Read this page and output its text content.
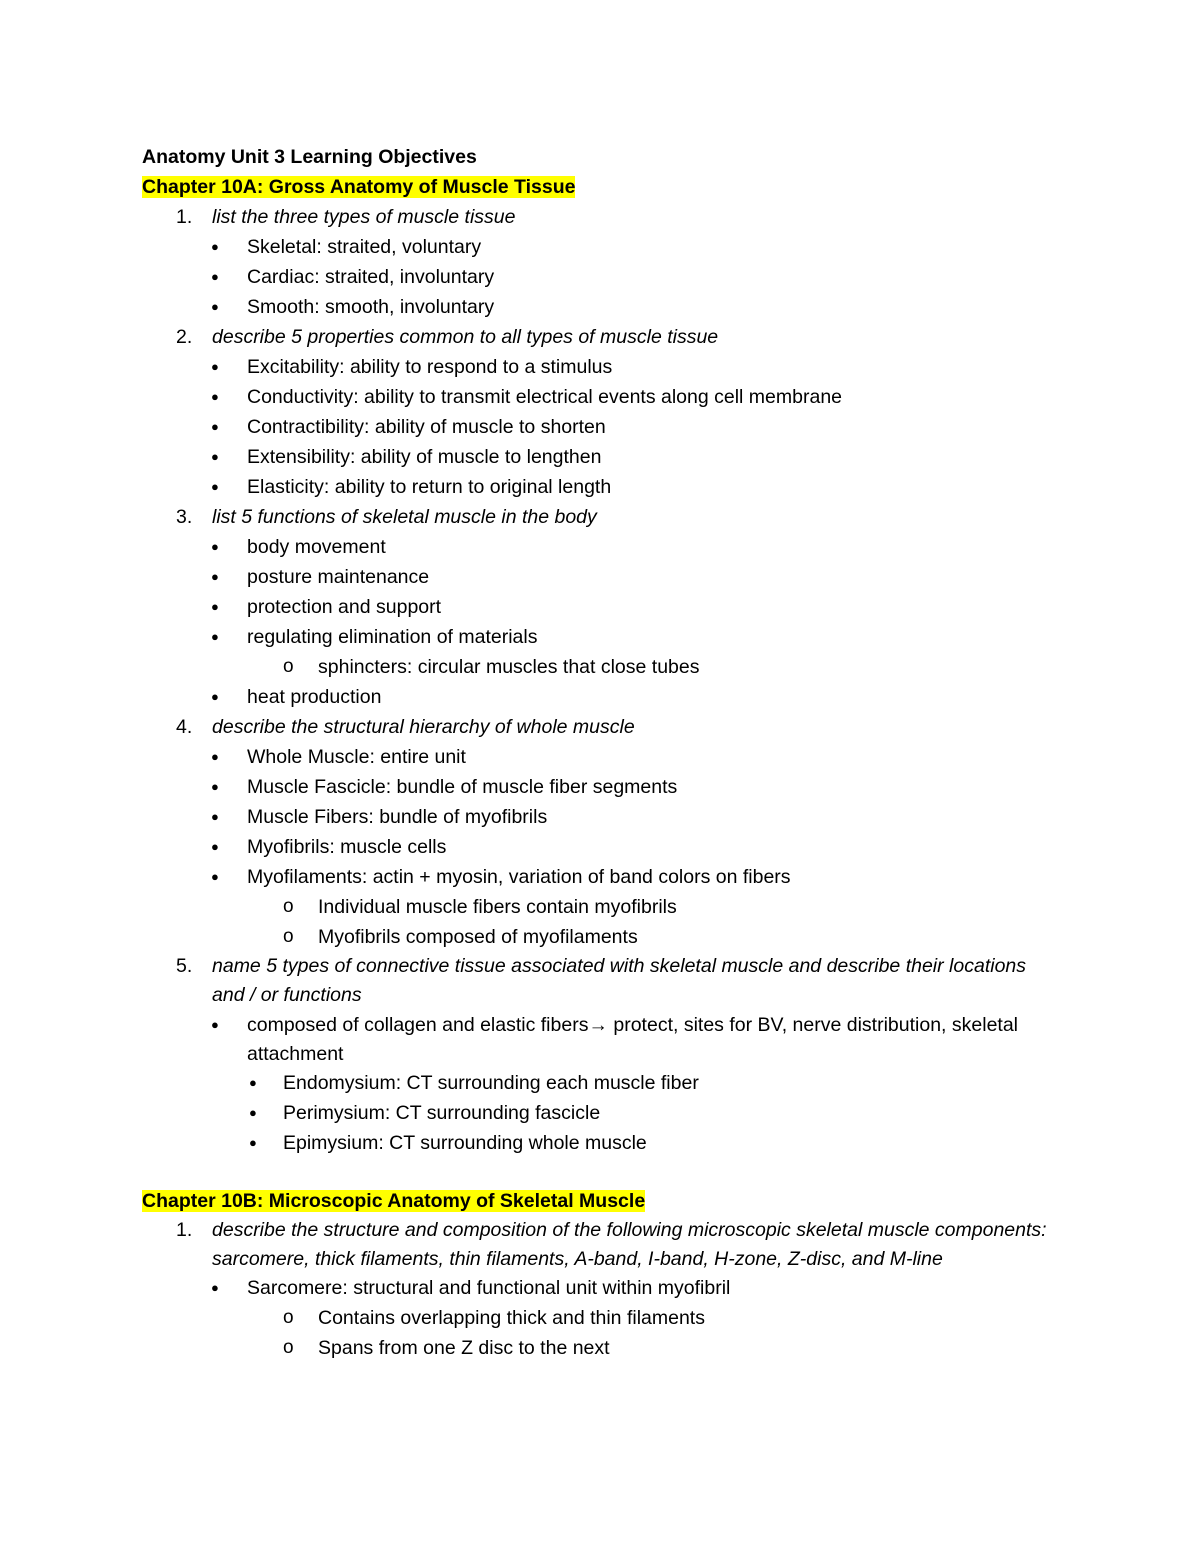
Anatomy Unit 3 Learning Objectives
Chapter 10A: Gross Anatomy of Muscle Tissue
1. list the three types of muscle tissue
● Skeletal: straited, voluntary
● Cardiac: straited, involuntary
● Smooth: smooth, involuntary
2. describe 5 properties common to all types of muscle tissue
● Excitability: ability to respond to a stimulus
● Conductivity: ability to transmit electrical events along cell membrane
● Contractibility: ability of muscle to shorten
● Extensibility: ability of muscle to lengthen
● Elasticity: ability to return to original length
3. list 5 functions of skeletal muscle in the body
● body movement
● posture maintenance
● protection and support
● regulating elimination of materials
o sphincters: circular muscles that close tubes
● heat production
4. describe the structural hierarchy of whole muscle
● Whole Muscle: entire unit
● Muscle Fascicle: bundle of muscle fiber segments
● Muscle Fibers: bundle of myofibrils
● Myofibrils: muscle cells
● Myofilaments: actin + myosin, variation of band colors on fibers
o Individual muscle fibers contain myofibrils
o Myofibrils composed of myofilaments
5. name 5 types of connective tissue associated with skeletal muscle and describe their locations and / or functions
● composed of collagen and elastic fibers→ protect, sites for BV, nerve distribution, skeletal attachment
● Endomysium: CT surrounding each muscle fiber
● Perimysium: CT surrounding fascicle
● Epimysium: CT surrounding whole muscle
Chapter 10B: Microscopic Anatomy of Skeletal Muscle
1. describe the structure and composition of the following microscopic skeletal muscle components: sarcomere, thick filaments, thin filaments, A-band, I-band, H-zone, Z-disc, and M-line
● Sarcomere: structural and functional unit within myofibril
o Contains overlapping thick and thin filaments
o Spans from one Z disc to the next
